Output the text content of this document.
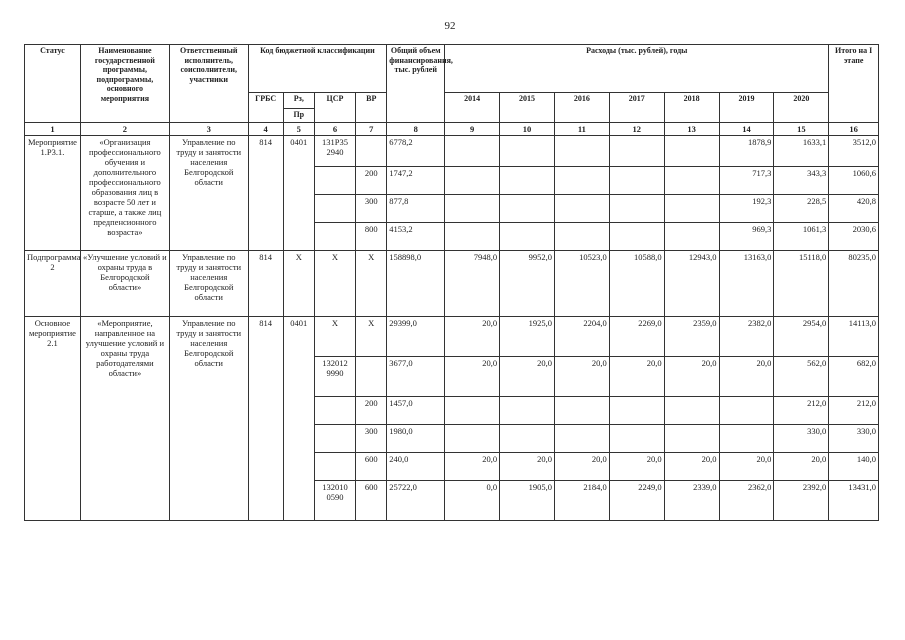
92
Статус	Наименование государственной программы, подпрограммы, основного мероприятия	Ответственный исполнитель, соисполнители, участники	Код бюджетной классификации				Общий объем финансирования, тыс. рублей	Расходы (тыс. рублей), годы							Итого на I этапе
			ГРБС	Рз,	ЦСР	ВР		2014	2015	2016	2017	2018	2019	2020	
				Пр											
1	2	3	4	5	6	7	8	9	10	11	12	13	14	15	16
Мероприятие 1.Р3.1.	«Организация профессионального обучения и дополнительного профессионального образования лиц в возрасте 50 лет и старше, а также лиц предпенсионного возраста»	Управление по труду и занятости населения Белгородской области	814	0401	131Р35 2940		6778,2						1878,9	1633,1	3512,0
						200	1747,2						717,3	343,3	1060,6
						300	877,8						192,3	228,5	420,8
						800	4153,2						969,3	1061,3	2030,6
Подпрограмма 2	«Улучшение условий и охраны труда в Белгородской области»	Управление по труду и занятости населения Белгородской области	814	Х	Х	Х	158898,0	7948,0	9952,0	10523,0	10588,0	12943,0	13163,0	15118,0	80235,0
Основное мероприятие 2.1	«Мероприятие, направленное на улучшение условий и охраны труда работодателями области»	Управление по труду и занятости населения Белгородской области	814	0401	Х	Х	29399,0	20,0	1925,0	2204,0	2269,0	2359,0	2382,0	2954,0	14113,0
					132012 9990		3677,0	20,0	20,0	20,0	20,0	20,0	20,0	562,0	682,0
						200	1457,0							212,0	212,0
						300	1980,0							330,0	330,0
						600	240,0	20,0	20,0	20,0	20,0	20,0	20,0	20,0	140,0
					132010 0590	600	25722,0	0,0	1905,0	2184,0	2249,0	2339,0	2362,0	2392,0	13431,0
